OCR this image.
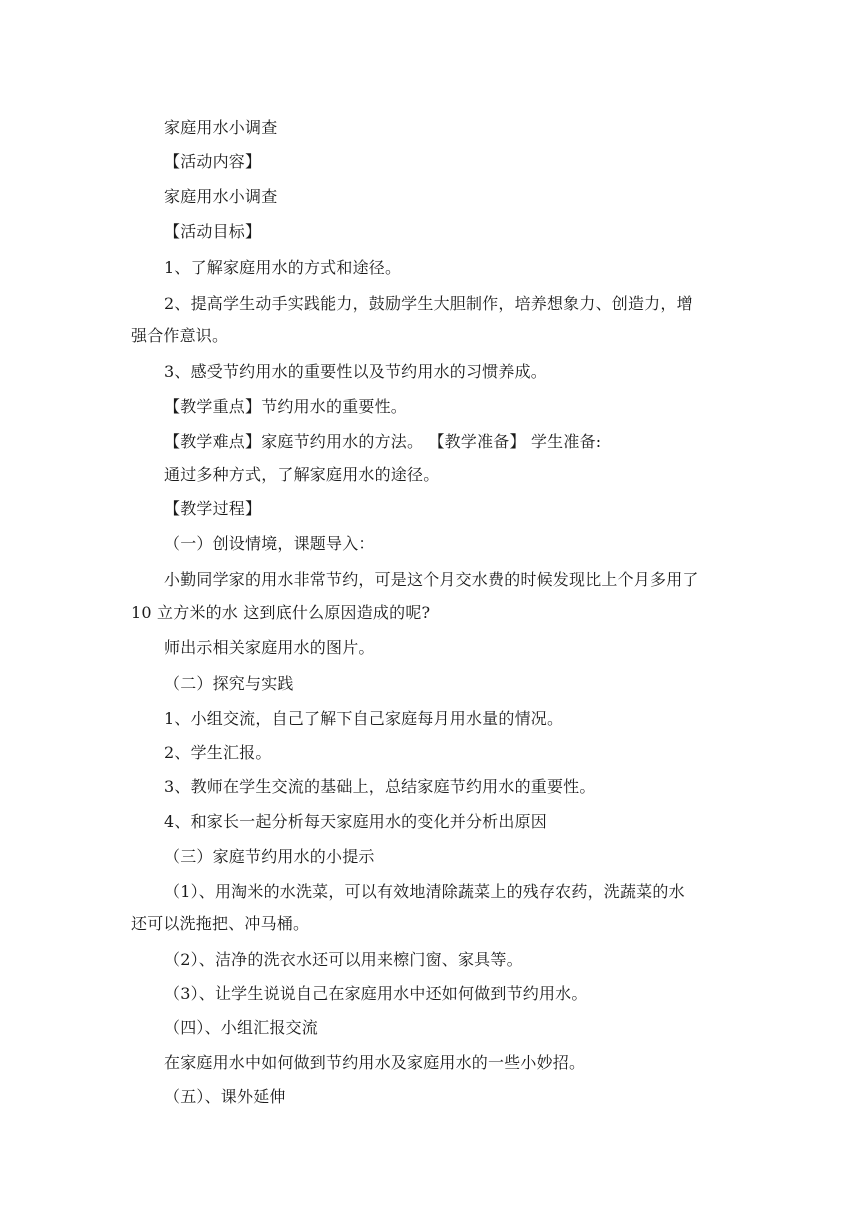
家庭用水小调查
【活动内容】
家庭用水小调查
【活动目标】
1、了解家庭用水的方式和途径。
2、提高学生动手实践能力，鼓励学生大胆制作，培养想象力、创造力，增
强合作意识。
3、感受节约用水的重要性以及节约用水的习惯养成。
【教学重点】节约用水的重要性。
【教学难点】家庭节约用水的方法。 【教学准备】 学生准备:
通过多种方式，了解家庭用水的途径。
【教学过程】
（一）创设情境，课题导入：
小勤同学家的用水非常节约，可是这个月交水费的时候发现比上个月多用了
10 立方米的水 这到底什么原因造成的呢?
师出示相关家庭用水的图片。
（二）探究与实践
1、小组交流，自己了解下自己家庭每月用水量的情况。
2、学生汇报。
3、教师在学生交流的基础上，总结家庭节约用水的重要性。
4、和家长一起分析每天家庭用水的变化并分析出原因
（三）家庭节约用水的小提示
（1）、用淘米的水洗菜，可以有效地清除蔬菜上的残存农药，洗蔬菜的水
还可以洗拖把、冲马桶。
（2）、洁净的洗衣水还可以用来檫门窗、家具等。
（3）、让学生说说自己在家庭用水中还如何做到节约用水。
（四）、小组汇报交流
在家庭用水中如何做到节约用水及家庭用水的一些小妙招。
（五）、课外延伸
